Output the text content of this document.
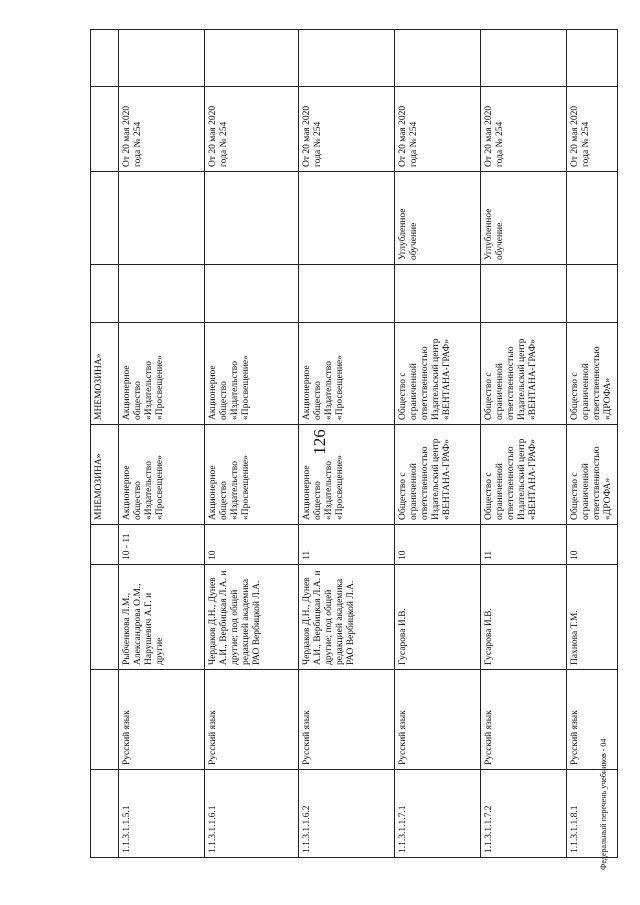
126
Федеральный перечень учебников - 04
				МНЕМОЗИНА»	МНЕМОЗИНА»				
1.1.3.1.1.5.1	Русский язык	Рыбченкова Л.М., Александрова О.М., Нарушевич А.Г. и другие	10 - 11	Акционерное общество «Издательство «Просвещение»	Акционерное общество «Издательство «Просвещение»			От 20 мая 2020 года № 254	
1.1.3.1.1.6.1	Русский язык	Чердаков Д.Н., Дунев А.И., Вербицкая Л.А. и другие; под общей редакцией академика РАО Вербицкой Л.А.	10	Акционерное общество «Издательство «Просвещение»	Акционерное общество «Издательство «Просвещение»			От 20 мая 2020 года № 254	
1.1.3.1.1.6.2	Русский язык	Чердаков Д.Н., Дунев А.И., Вербицкая Л.А. и другие; под общей редакцией академика РАО Вербицкой Л.А.	11	Акционерное общество «Издательство «Просвещение»	Акционерное общество «Издательство «Просвещение»			От 20 мая 2020 года № 254	
1.1.3.1.1.7.1	Русский язык	Гусарова И.В.	10	Общество с ограниченной ответственностью Издательский центр «ВЕНТАНА-ГРАФ»	Общество с ограниченной ответственностью Издательский центр «ВЕНТАНА-ГРАФ»		Углубленное обучение	От 20 мая 2020 года № 254	
1.1.3.1.1.7.2	Русский язык	Гусарова И.В.	11	Общество с ограниченной ответственностью Издательский центр «ВЕНТАНА-ГРАФ»	Общество с ограниченной ответственностью Издательский центр «ВЕНТАНА-ГРАФ»		Углубленное обучение	От 20 мая 2020 года № 254	
1.1.3.1.1.8.1	Русский язык	Пахнова Т.М.	10	Общество с ограниченной ответственностью «ДРОФА»	Общество с ограниченной ответственностью «ДРОФА»			От 20 мая 2020 года № 254	
